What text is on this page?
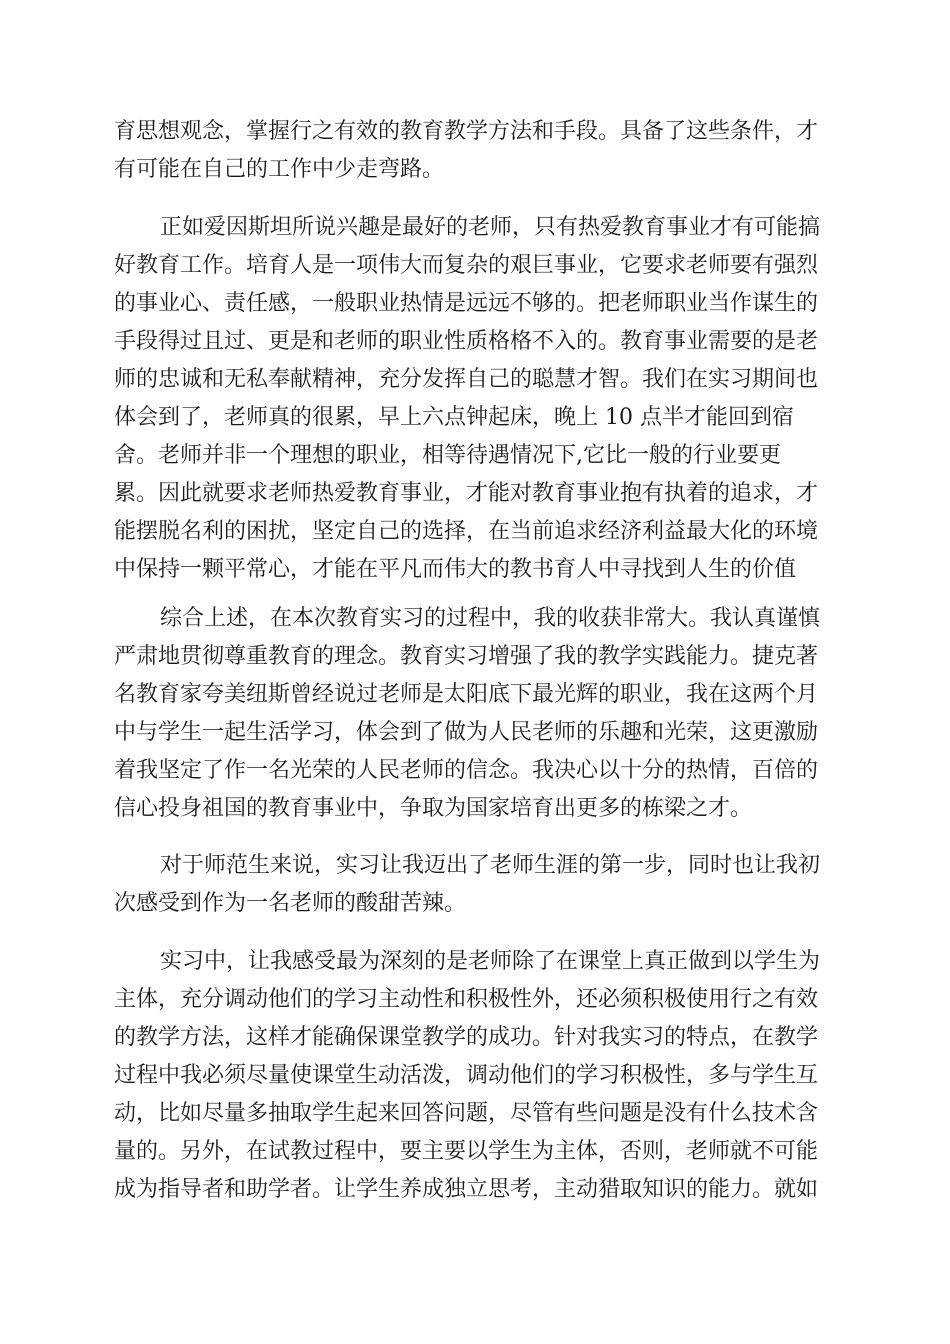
育思想观念，掌握行之有效的教育教学方法和手段。具备了这些条件，才

有可能在自己的工作中少走弯路。

正如爱因斯坦所说兴趣是最好的老师，只有热爱教育事业才有可能搞

好教育工作。培育人是一项伟大而复杂的艰巨事业，它要求老师要有强烈

的事业心、责任感，一般职业热情是远远不够的。把老师职业当作谋生的

手段得过且过、更是和老师的职业性质格格不入的。教育事业需要的是老

师的忠诚和无私奉献精神，充分发挥自己的聪慧才智。我们在实习期间也

体会到了，老师真的很累，早上六点钟起床，晚上 10 点半才能回到宿

舍。老师并非一个理想的职业，相等待遇情况下,它比一般的行业要更

累。因此就要求老师热爱教育事业，才能对教育事业抱有执着的追求，才

能摆脱名利的困扰，坚定自己的选择，在当前追求经济利益最大化的环境

中保持一颗平常心，才能在平凡而伟大的教书育人中寻找到人生的价值

综合上述，在本次教育实习的过程中，我的收获非常大。我认真谨慎

严肃地贯彻尊重教育的理念。教育实习增强了我的教学实践能力。捷克著

名教育家夸美纽斯曾经说过老师是太阳底下最光辉的职业，我在这两个月

中与学生一起生活学习，体会到了做为人民老师的乐趣和光荣，这更激励

着我坚定了作一名光荣的人民老师的信念。我决心以十分的热情，百倍的

信心投身祖国的教育事业中，争取为国家培育出更多的栋梁之才。

对于师范生来说，实习让我迈出了老师生涯的第一步，同时也让我初

次感受到作为一名老师的酸甜苦辣。

实习中，让我感受最为深刻的是老师除了在课堂上真正做到以学生为

主体，充分调动他们的学习主动性和积极性外，还必须积极使用行之有效

的教学方法，这样才能确保课堂教学的成功。针对我实习的特点，在教学

过程中我必须尽量使课堂生动活泼，调动他们的学习积极性，多与学生互

动，比如尽量多抽取学生起来回答问题，尽管有些问题是没有什么技术含

量的。另外，在试教过程中，要主要以学生为主体，否则，老师就不可能

成为指导者和助学者。让学生养成独立思考，主动猎取知识的能力。就如
